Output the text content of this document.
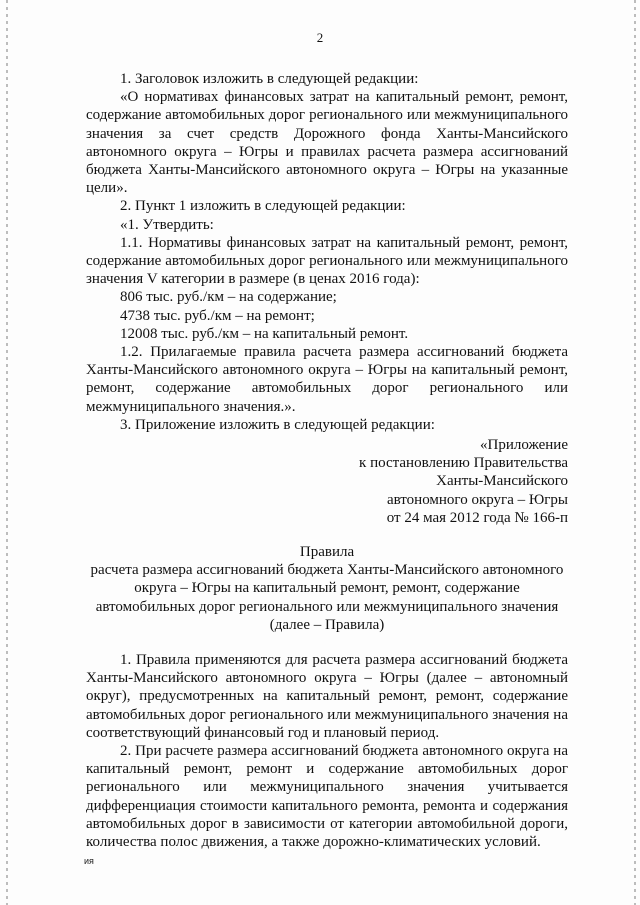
2

1. Заголовок изложить в следующей редакции:

«О нормативах финансовых затрат на капитальный ремонт, ремонт, содержание автомобильных дорог регионального или межмуниципального значения за счет средств Дорожного фонда Ханты-Мансийского автономного округа – Югры и правилах расчета размера ассигнований бюджета Ханты-Мансийского автономного округа – Югры на указанные цели».

2. Пункт 1 изложить в следующей редакции:

«1. Утвердить:

1.1. Нормативы финансовых затрат на капитальный ремонт, ремонт, содержание автомобильных дорог регионального или межмуниципального значения V категории в размере (в ценах 2016 года):

806 тыс. руб./км – на содержание;

4738 тыс. руб./км – на ремонт;

12008 тыс. руб./км – на капитальный ремонт.

1.2. Прилагаемые правила расчета размера ассигнований бюджета Ханты-Мансийского автономного округа – Югры на капитальный ремонт, ремонт, содержание автомобильных дорог регионального или межмуниципального значения.».

3. Приложение изложить в следующей редакции:

«Приложение
к постановлению Правительства
Ханты-Мансийского
автономного округа – Югры
от 24 мая 2012 года № 166-п
Правила
расчета размера ассигнований бюджета Ханты-Мансийского автономного
округа – Югры на капитальный ремонт, ремонт, содержание
автомобильных дорог регионального или межмуниципального значения
(далее – Правила)

1. Правила применяются для расчета размера ассигнований бюджета Ханты-Мансийского автономного округа – Югры (далее – автономный округ), предусмотренных на капитальный ремонт, ремонт, содержание автомобильных дорог регионального или межмуниципального значения на соответствующий финансовый год и плановый период.

2. При расчете размера ассигнований бюджета автономного округа на капитальный ремонт, ремонт и содержание автомобильных дорог регионального или межмуниципального значения учитывается дифференциация стоимости капитального ремонта, ремонта и содержания автомобильных дорог в зависимости от категории автомобильной дороги, количества полос движения, а также дорожно-климатических условий.

ия
